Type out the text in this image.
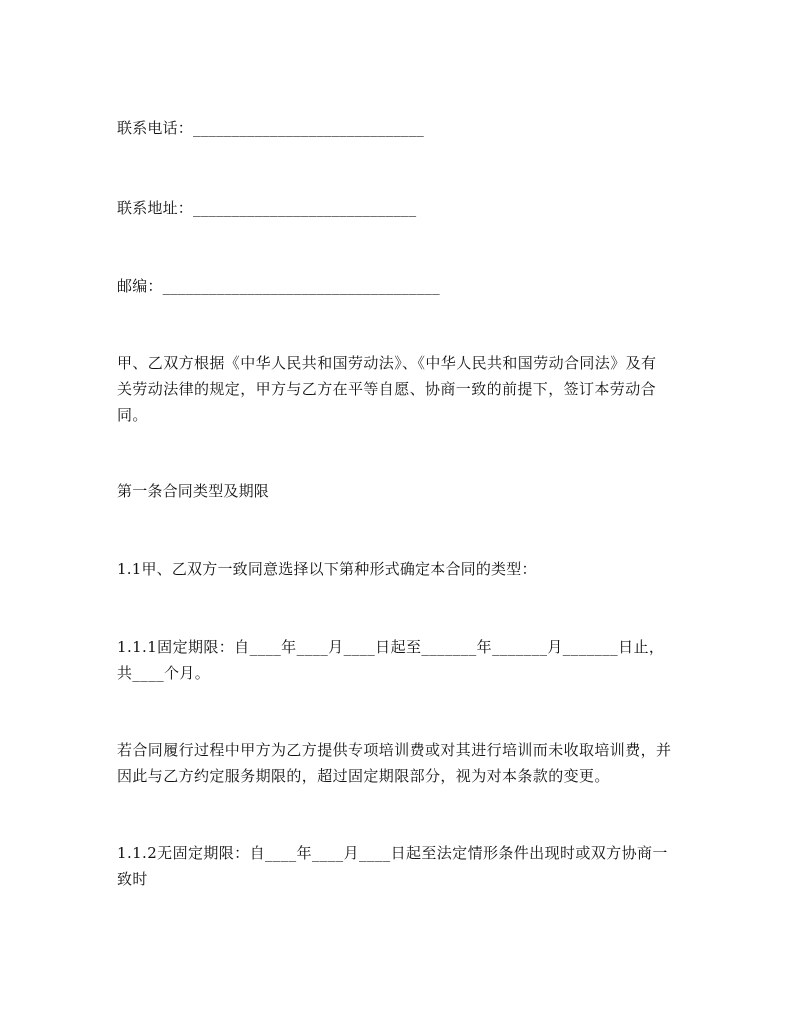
联系电话：______________________________
联系地址：_____________________________
邮编：____________________________________
甲、乙双方根据《中华人民共和国劳动法》、《中华人民共和国劳动合同法》及有
关劳动法律的规定，甲方与乙方在平等自愿、协商一致的前提下，签订本劳动合
同。
第一条合同类型及期限
1.1甲、乙双方一致同意选择以下第种形式确定本合同的类型：
1.1.1固定期限：自____年____月____日起至_______年_______月_______日止，
共____个月。
若合同履行过程中甲方为乙方提供专项培训费或对其进行培训而未收取培训费，并
因此与乙方约定服务期限的，超过固定期限部分，视为对本条款的变更。
1.1.2无固定期限：自____年____月____日起至法定情形条件出现时或双方协商一
致时
